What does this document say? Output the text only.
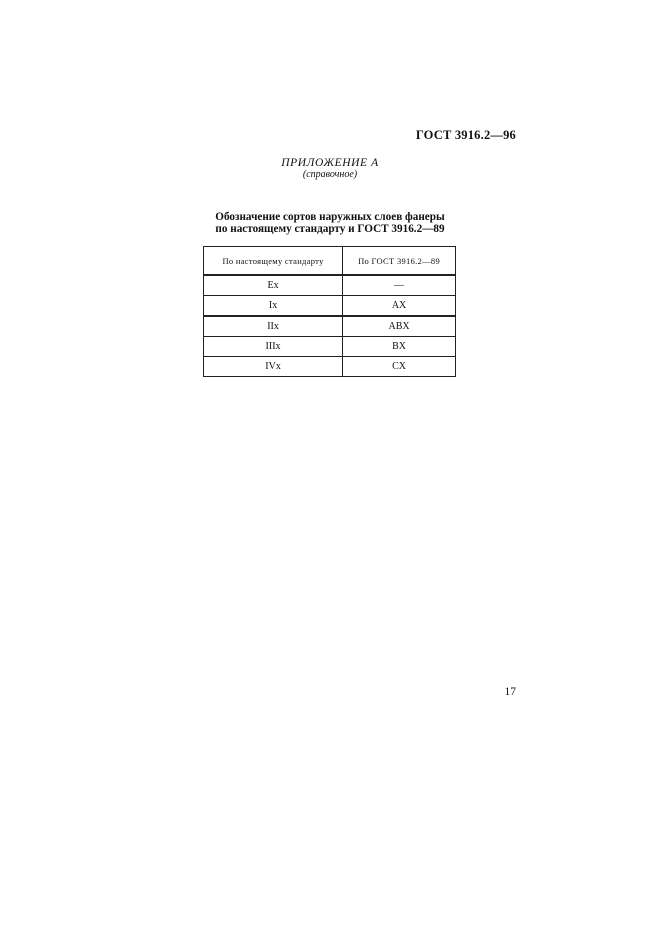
ГОСТ 3916.2—96
ПРИЛОЖЕНИЕ А
(справочное)
Обозначение сортов наружных слоев фанеры
по настоящему стандарту и ГОСТ 3916.2—89
По настоящему стандарту	По ГОСТ 3916.2—89
Ex	—
Ix	AX
IIx	ABX
IIIx	BX
IVx	CX
17
